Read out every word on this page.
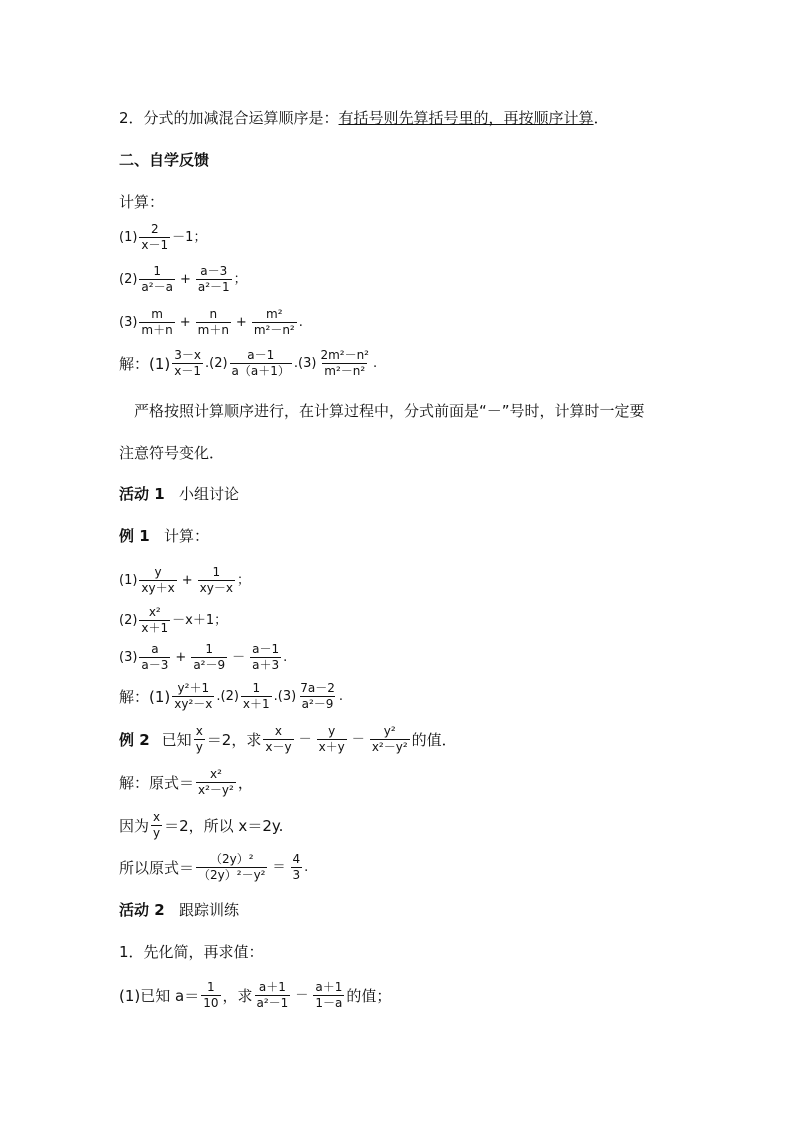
2．分式的加减混合运算顺序是：有括号则先算括号里的，再按顺序计算．
二、自学反馈
计算：
$(1) \frac{2}{x-1} -1$；
$(2) \frac{1}{\text{a²－a}} + \frac{a-3}{\text{a²－1}}$ ；
$(3) \frac{m}{m+n} + \frac{n}{m+n} + \frac{\text{m²}}{\text{m²－n²}}$ .
解：$(1) \frac{3-x}{x-1} .(2) \frac{a-1}{a(a+1)} .(3) \frac{\text{2m²－n²}}{\text{m²－n²}}$ .
严格按照计算顺序进行，在计算过程中，分式前面是“－”号时，计算时一定要
注意符号变化．
活动 1 小组讨论
例 1 计算：
$(1) \frac{y}{xy+x} + \frac{1}{xy-x}$ ；
$(2) \frac{\text{x²}}{x+1} -x+1$；
$(3) \frac{a}{a-3} + \frac{1}{\text{a²－9}} - \frac{a-1}{a+3}$ .
解：$(1) \frac{\text{y²＋1}}{\text{xy²－x}} .(2) \frac{1}{x+1} .(3) \frac{7a-2}{\text{a²－9}}$ .
例 2 已知 $\frac{x}{y} =2$，求 $\frac{x}{x-y} - \frac{y}{x+y} - \frac{\text{y²}}{\text{x²－y²}}$ 的值．
解：原式＝ $\frac{\text{x²}}{\text{x²－y²}}$ ，
因为 $\frac{x}{y} =2$，所以 x＝2y.
所以原式＝ $\frac{\text{（2y）²}}{\text{（2y）²－y²}} = \frac{4}{3}$ .
活动 2 跟踪训练
1．先化简，再求值：
(1)已知 $a= \frac{1}{10}$ ，求 $\frac{a+1}{\text{a²－1}} - \frac{a+1}{1-a}$ 的值；
